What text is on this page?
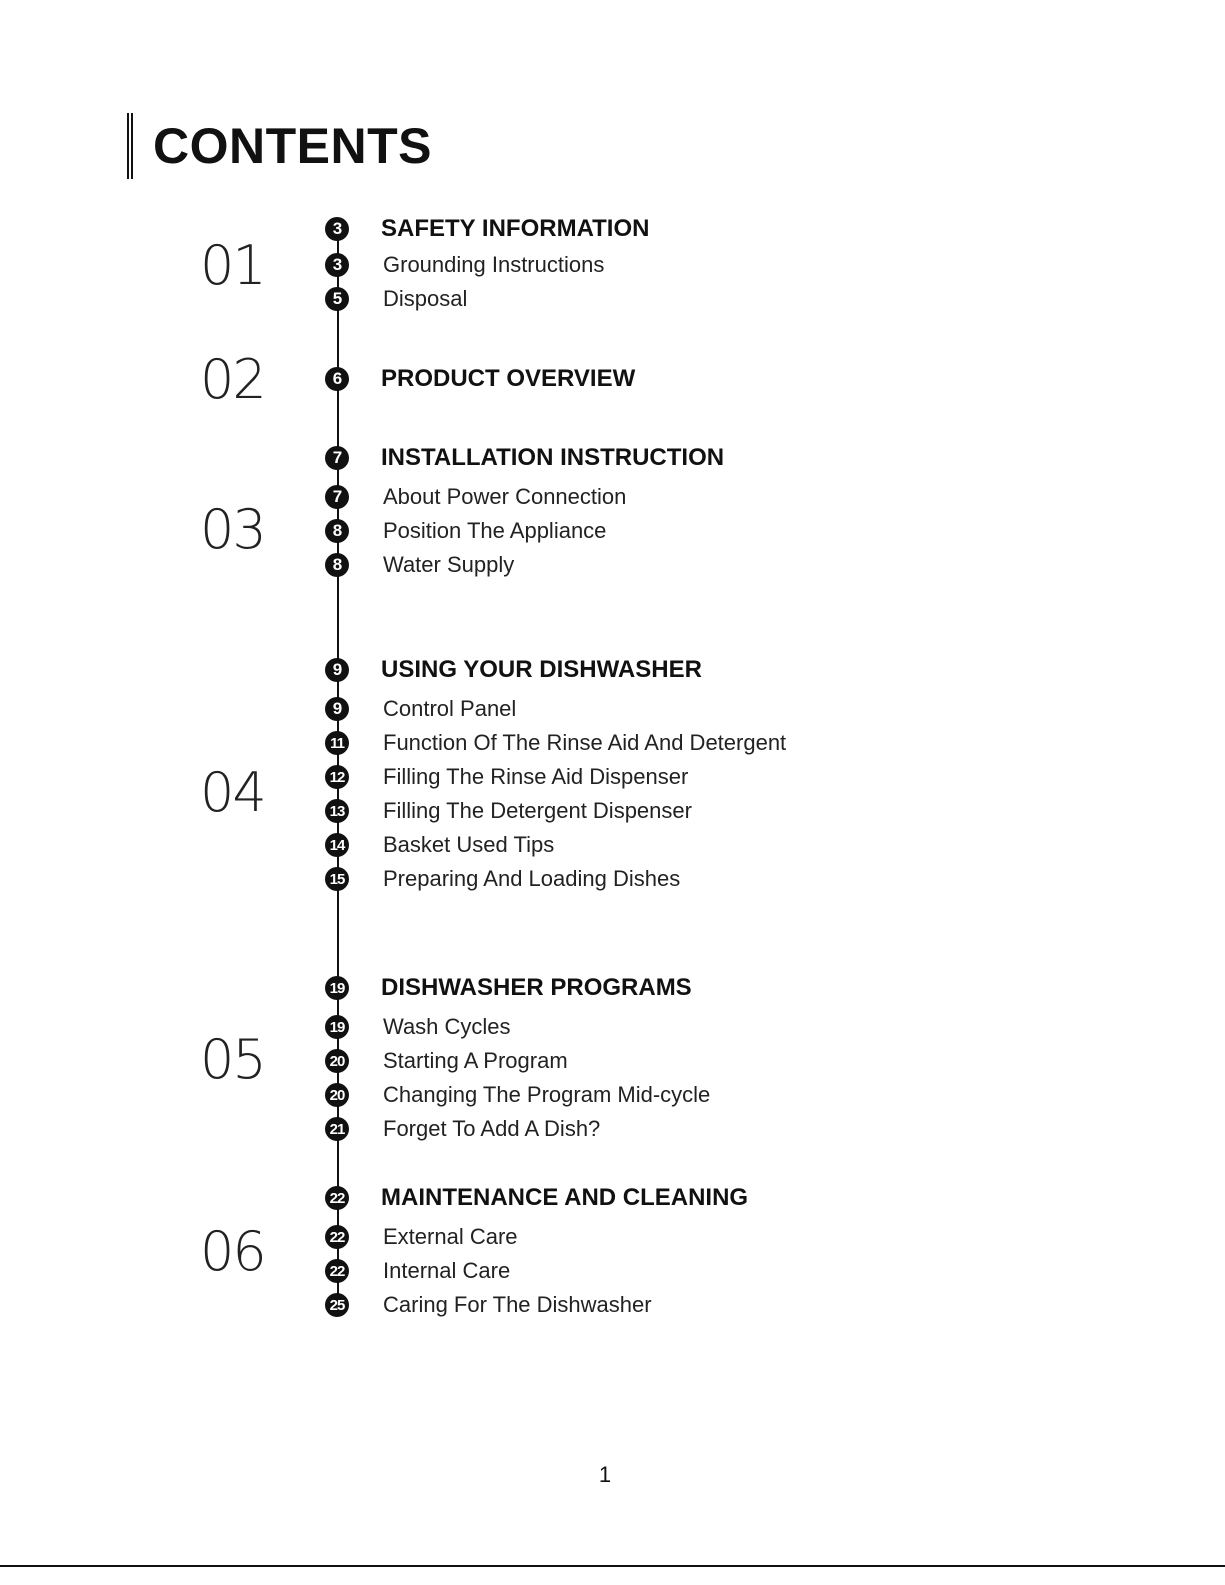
CONTENTS
01
3	SAFETY INFORMATION
3	Grounding Instructions
5	Disposal
02	6	PRODUCT OVERVIEW
03
7	INSTALLATION INSTRUCTION
7	About Power Connection
8	Position The Appliance
8	Water Supply
04
9	USING YOUR DISHWASHER
9	Control Panel
11 Function Of The Rinse Aid And Detergent
12 Filling The Rinse Aid Dispenser
13 Filling The Detergent Dispenser
14 Basket Used Tips
15 Preparing And Loading Dishes
05
19 DISHWASHER PROGRAMS
19 Wash Cycles
20 Starting A Program
20 Changing The Program Mid-cycle
21 Forget To Add A Dish?
06
22 MAINTENANCE AND CLEANING
22 External Care
22 Internal Care
25 Caring For The Dishwasher
1
